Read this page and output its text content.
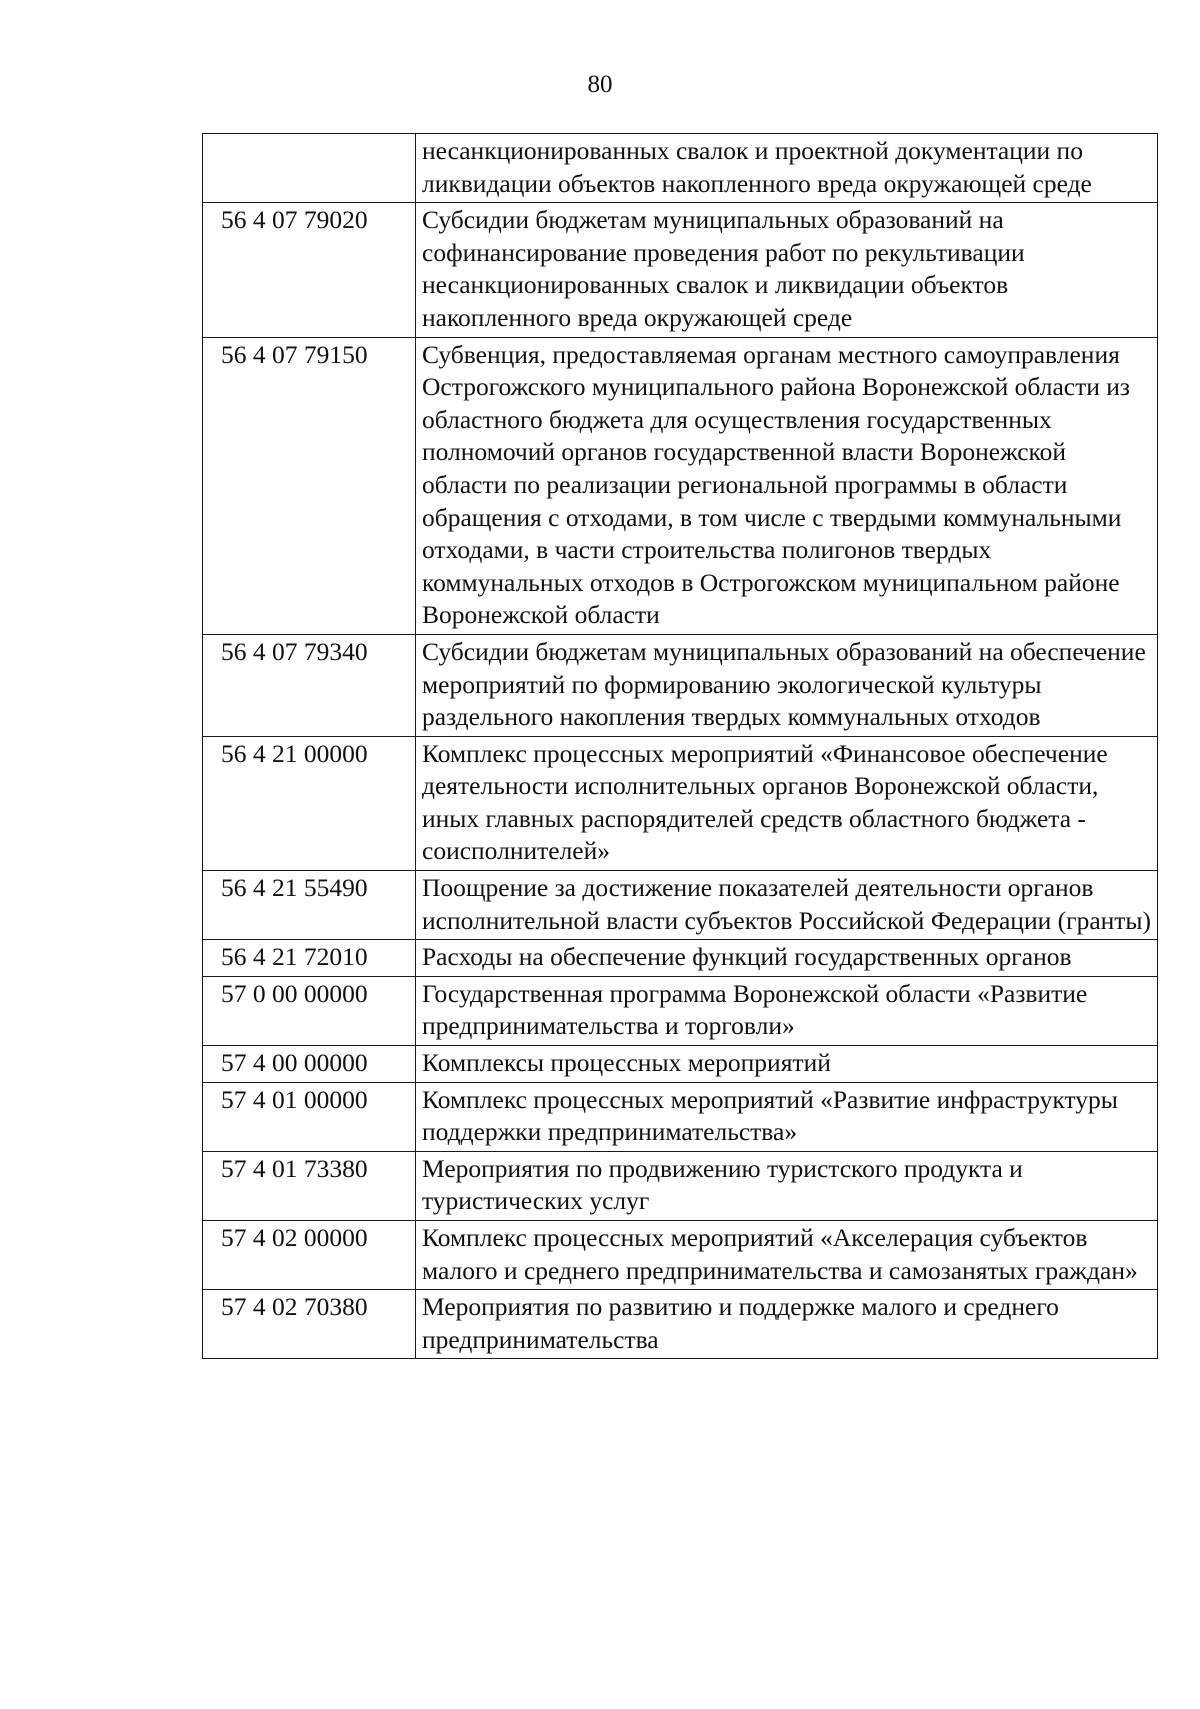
80
	несанкционированных свалок и проектной документации по ликвидации объектов накопленного вреда окружающей среде
56 4 07 79020	Субсидии бюджетам муниципальных образований на софинансирование проведения работ по рекультивации несанкционированных свалок и ликвидации объектов накопленного вреда окружающей среде
56 4 07 79150	Субвенция, предоставляемая органам местного самоуправления Острогожского муниципального района Воронежской области из областного бюджета для осуществления государственных полномочий органов государственной власти Воронежской области по реализации региональной программы в области обращения с отходами, в том числе с твердыми коммунальными отходами, в части строительства полигонов твердых коммунальных отходов в Острогожском муниципальном районе Воронежской области
56 4 07 79340	Субсидии бюджетам муниципальных образований на обеспечение мероприятий по формированию экологической культуры раздельного накопления твердых коммунальных отходов
56 4 21 00000	Комплекс процессных мероприятий «Финансовое обеспечение деятельности исполнительных органов Воронежской области, иных главных распорядителей средств областного бюджета - соисполнителей»
56 4 21 55490	Поощрение за достижение показателей деятельности органов исполнительной власти субъектов Российской Федерации (гранты)
56 4 21 72010	Расходы на обеспечение функций государственных органов
57 0 00 00000	Государственная программа Воронежской области «Развитие предпринимательства и торговли»
57 4 00 00000	Комплексы процессных мероприятий
57 4 01 00000	Комплекс процессных мероприятий «Развитие инфраструктуры поддержки предпринимательства»
57 4 01 73380	Мероприятия по продвижению туристского продукта и туристических услуг
57 4 02 00000	Комплекс процессных мероприятий «Акселерация субъектов малого и среднего предпринимательства и самозанятых граждан»
57 4 02 70380	Мероприятия по развитию и поддержке малого и среднего предпринимательства
